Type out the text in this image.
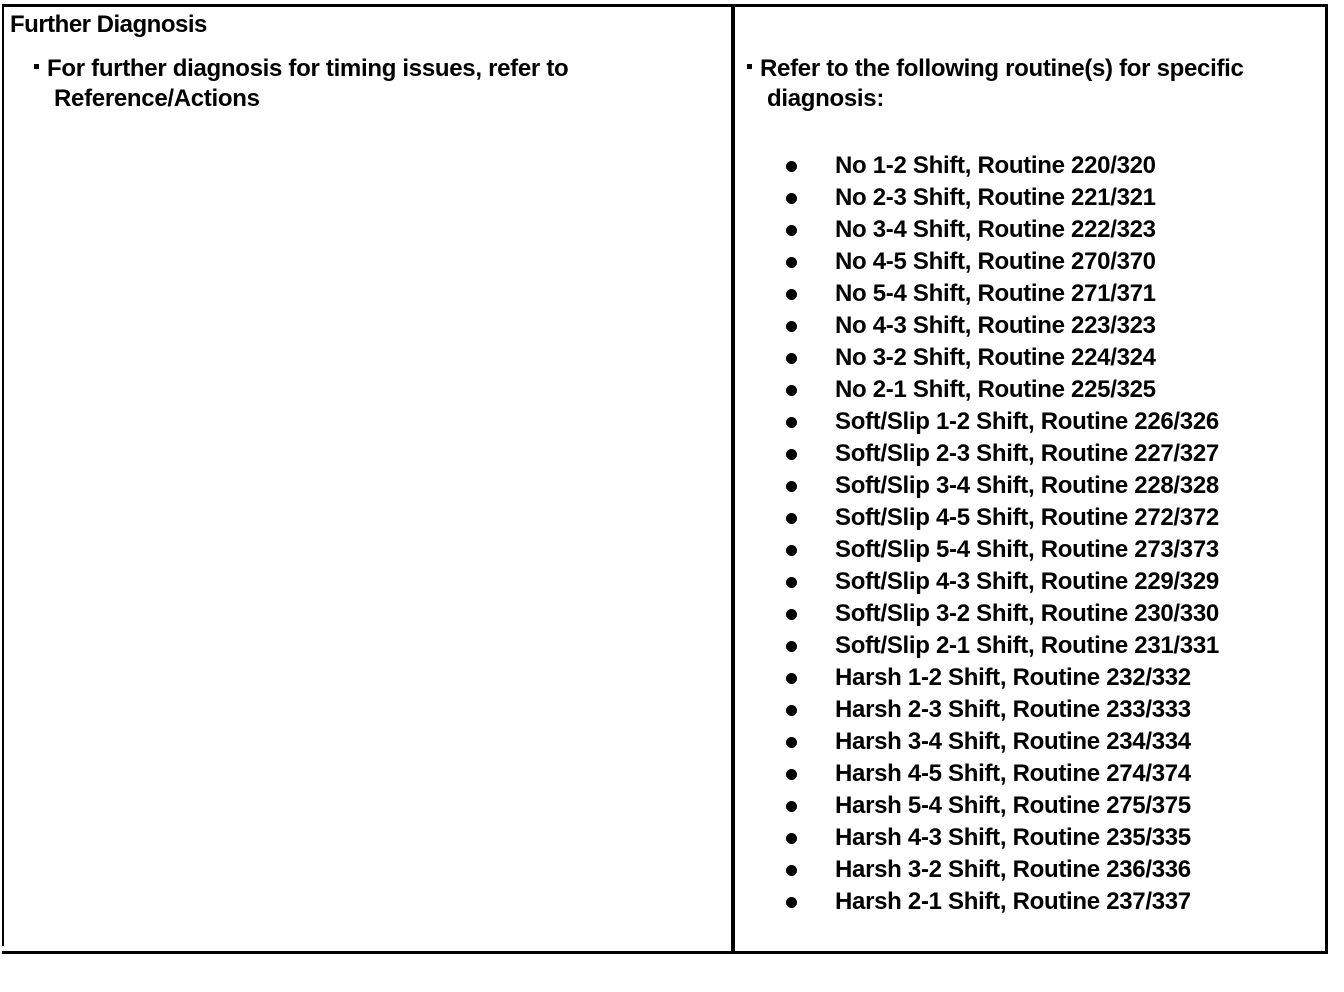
Further Diagnosis
For further diagnosis for timing issues, refer to
Reference/Actions
Refer to the following routine(s) for specific
diagnosis:
No 1-2 Shift, Routine 220/320
No 2-3 Shift, Routine 221/321
No 3-4 Shift, Routine 222/323
No 4-5 Shift, Routine 270/370
No 5-4 Shift, Routine 271/371
No 4-3 Shift, Routine 223/323
No 3-2 Shift, Routine 224/324
No 2-1 Shift, Routine 225/325
Soft/Slip 1-2 Shift, Routine 226/326
Soft/Slip 2-3 Shift, Routine 227/327
Soft/Slip 3-4 Shift, Routine 228/328
Soft/Slip 4-5 Shift, Routine 272/372
Soft/Slip 5-4 Shift, Routine 273/373
Soft/Slip 4-3 Shift, Routine 229/329
Soft/Slip 3-2 Shift, Routine 230/330
Soft/Slip 2-1 Shift, Routine 231/331
Harsh 1-2 Shift, Routine 232/332
Harsh 2-3 Shift, Routine 233/333
Harsh 3-4 Shift, Routine 234/334
Harsh 4-5 Shift, Routine 274/374
Harsh 5-4 Shift, Routine 275/375
Harsh 4-3 Shift, Routine 235/335
Harsh 3-2 Shift, Routine 236/336
Harsh 2-1 Shift, Routine 237/337
